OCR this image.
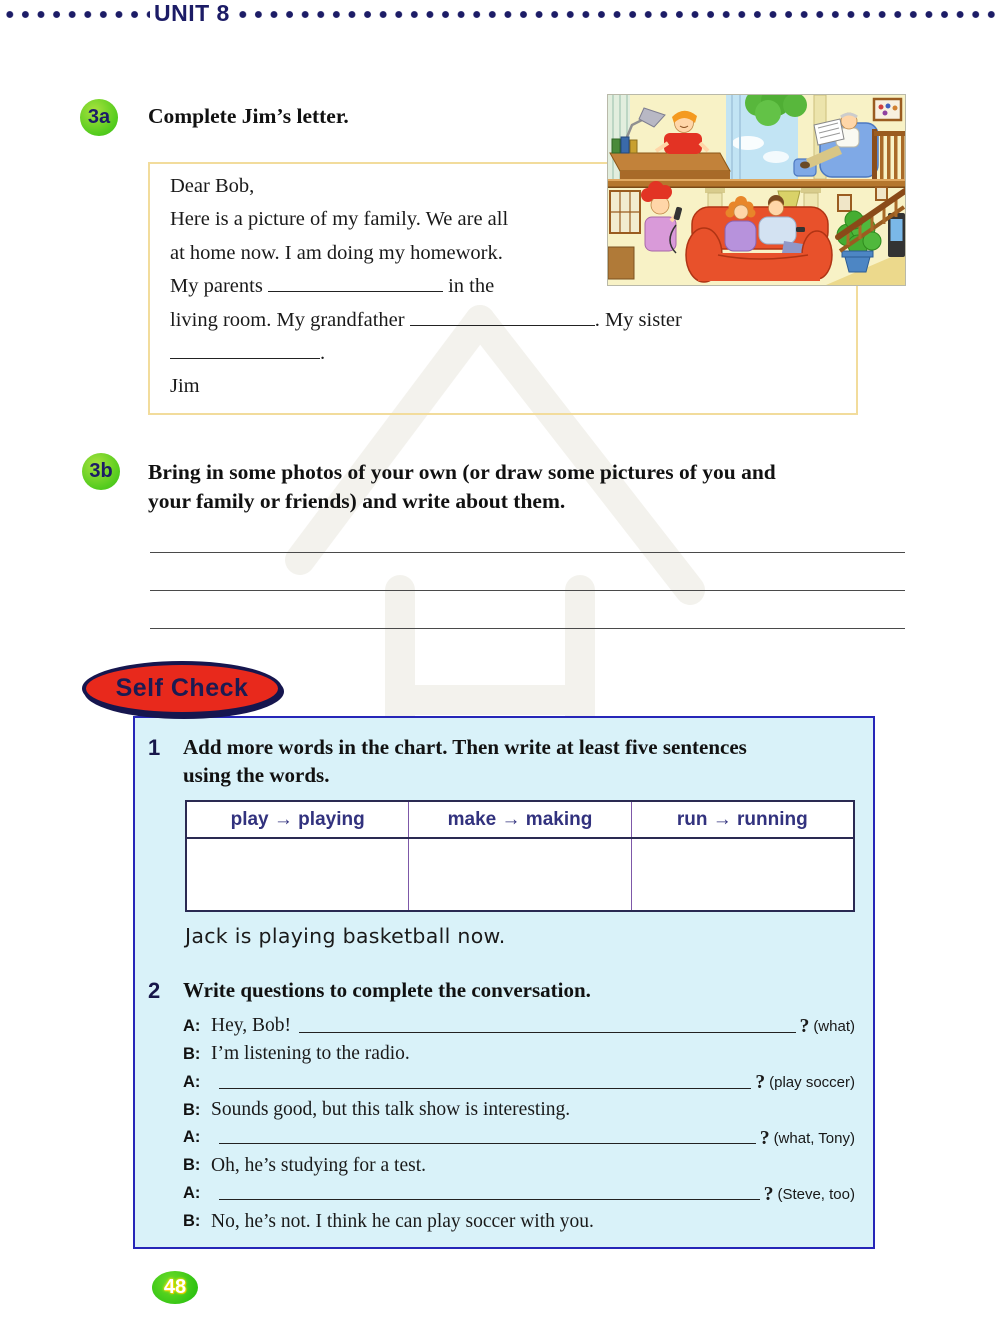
UNIT 8
3a Complete Jim’s letter.
Dear Bob,
Here is a picture of my family. We are all
at home now. I am doing my homework.
My parents	in the
living room. My grandfather	. My sister
.
Jim
3b Bring in some photos of your own (or draw some pictures of you and
your family or friends) and write about them.
Self Check
1 Add more words in the chart. Then write at least five sentences
using the words.
play → playing	make → making	run → running
Jack is playing basketball now.
2 Write questions to complete the conversation.
A: Hey, Bob!	? (what)
B: I’m listening to the radio.
A:	? (play soccer)
B: Sounds good, but this talk show is interesting.
A:	? (what, Tony)
B: Oh, he’s studying for a test.
A:	? (Steve, too)
B: No, he’s not. I think he can play soccer with you.
48
